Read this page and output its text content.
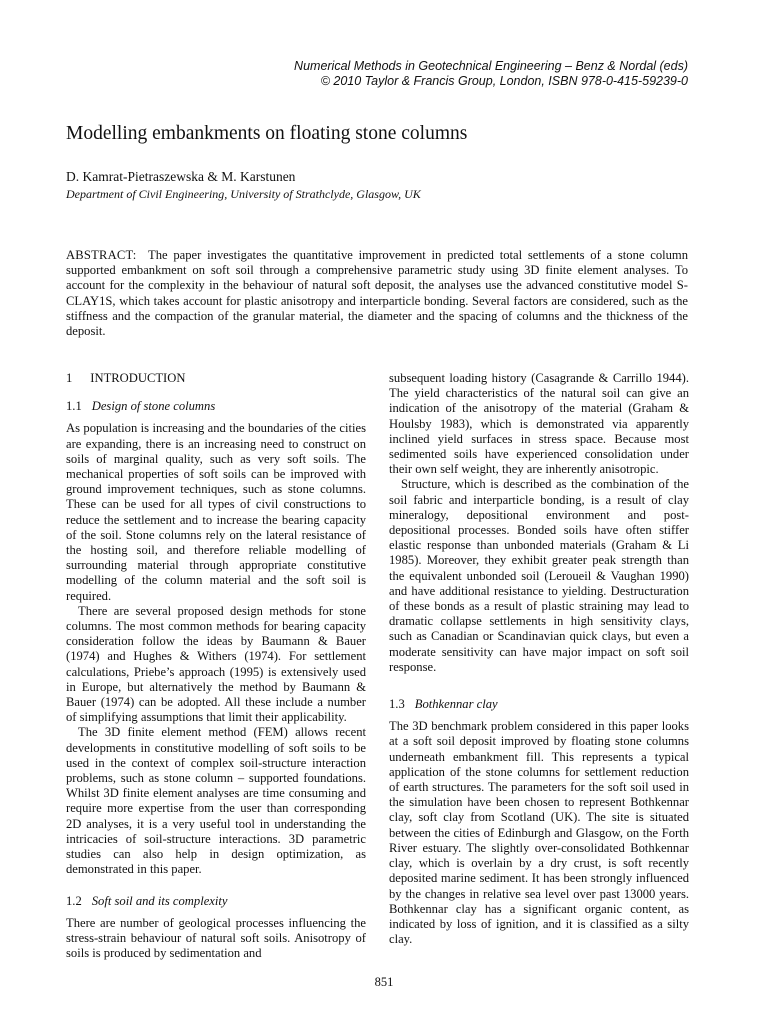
Numerical Methods in Geotechnical Engineering – Benz & Nordal (eds)
© 2010 Taylor & Francis Group, London, ISBN 978-0-415-59239-0
Modelling embankments on floating stone columns
D. Kamrat-Pietraszewska & M. Karstunen
Department of Civil Engineering, University of Strathclyde, Glasgow, UK
ABSTRACT: The paper investigates the quantitative improvement in predicted total settlements of a stone column supported embankment on soft soil through a comprehensive parametric study using 3D finite element analyses. To account for the complexity in the behaviour of natural soft deposit, the analyses use the advanced constitutive model S-CLAY1S, which takes account for plastic anisotropy and interparticle bonding. Several factors are considered, such as the stiffness and the compaction of the granular material, the diameter and the spacing of columns and the thickness of the deposit.
1 INTRODUCTION
1.1 Design of stone columns

As population is increasing and the boundaries of the cities are expanding, there is an increasing need to construct on soils of marginal quality, such as very soft soils. The mechanical properties of soft soils can be improved with ground improvement techniques, such as stone columns. These can be used for all types of civil constructions to reduce the settlement and to increase the bearing capacity of the soil. Stone columns rely on the lateral resistance of the hosting soil, and therefore reliable modelling of surrounding material through appropriate constitutive modelling of the column material and the soft soil is required.

There are several proposed design methods for stone columns. The most common methods for bearing capacity consideration follow the ideas by Baumann & Bauer (1974) and Hughes & Withers (1974). For settlement calculations, Priebe’s approach (1995) is extensively used in Europe, but alternatively the method by Baumann & Bauer (1974) can be adopted. All these include a number of simplifying assumptions that limit their applicability.

The 3D finite element method (FEM) allows recent developments in constitutive modelling of soft soils to be used in the context of complex soil-structure interaction problems, such as stone column – supported foundations. Whilst 3D finite element analyses are time consuming and require more expertise from the user than corresponding 2D analyses, it is a very useful tool in understanding the intricacies of soil-structure interactions. 3D parametric studies can also help in design optimization, as demonstrated in this paper.

1.2 Soft soil and its complexity

There are number of geological processes influencing the stress-strain behaviour of natural soft soils. Anisotropy of soils is produced by sedimentation and

subsequent loading history (Casagrande & Carrillo 1944). The yield characteristics of the natural soil can give an indication of the anisotropy of the material (Graham & Houlsby 1983), which is demonstrated via apparently inclined yield surfaces in stress space. Because most sedimented soils have experienced consolidation under their own self weight, they are inherently anisotropic.

Structure, which is described as the combination of the soil fabric and interparticle bonding, is a result of clay mineralogy, depositional environment and post-depositional processes. Bonded soils have often stiffer elastic response than unbonded materials (Graham & Li 1985). Moreover, they exhibit greater peak strength than the equivalent unbonded soil (Leroueil & Vaughan 1990) and have additional resistance to yielding. Destructuration of these bonds as a result of plastic straining may lead to dramatic collapse settlements in high sensitivity clays, such as Canadian or Scandinavian quick clays, but even a moderate sensitivity can have major impact on soft soil response.

1.3 Bothkennar clay

The 3D benchmark problem considered in this paper looks at a soft soil deposit improved by floating stone columns underneath embankment fill. This represents a typical application of the stone columns for settlement reduction of earth structures. The parameters for the soft soil used in the simulation have been chosen to represent Bothkennar clay, soft clay from Scotland (UK). The site is situated between the cities of Edinburgh and Glasgow, on the Forth River estuary. The slightly over-consolidated Bothkennar clay, which is overlain by a dry crust, is soft recently deposited marine sediment. It has been strongly influenced by the changes in relative sea level over past 13000 years. Bothkennar clay has a significant organic content, as indicated by loss of ignition, and it is classified as a silty clay.

851
